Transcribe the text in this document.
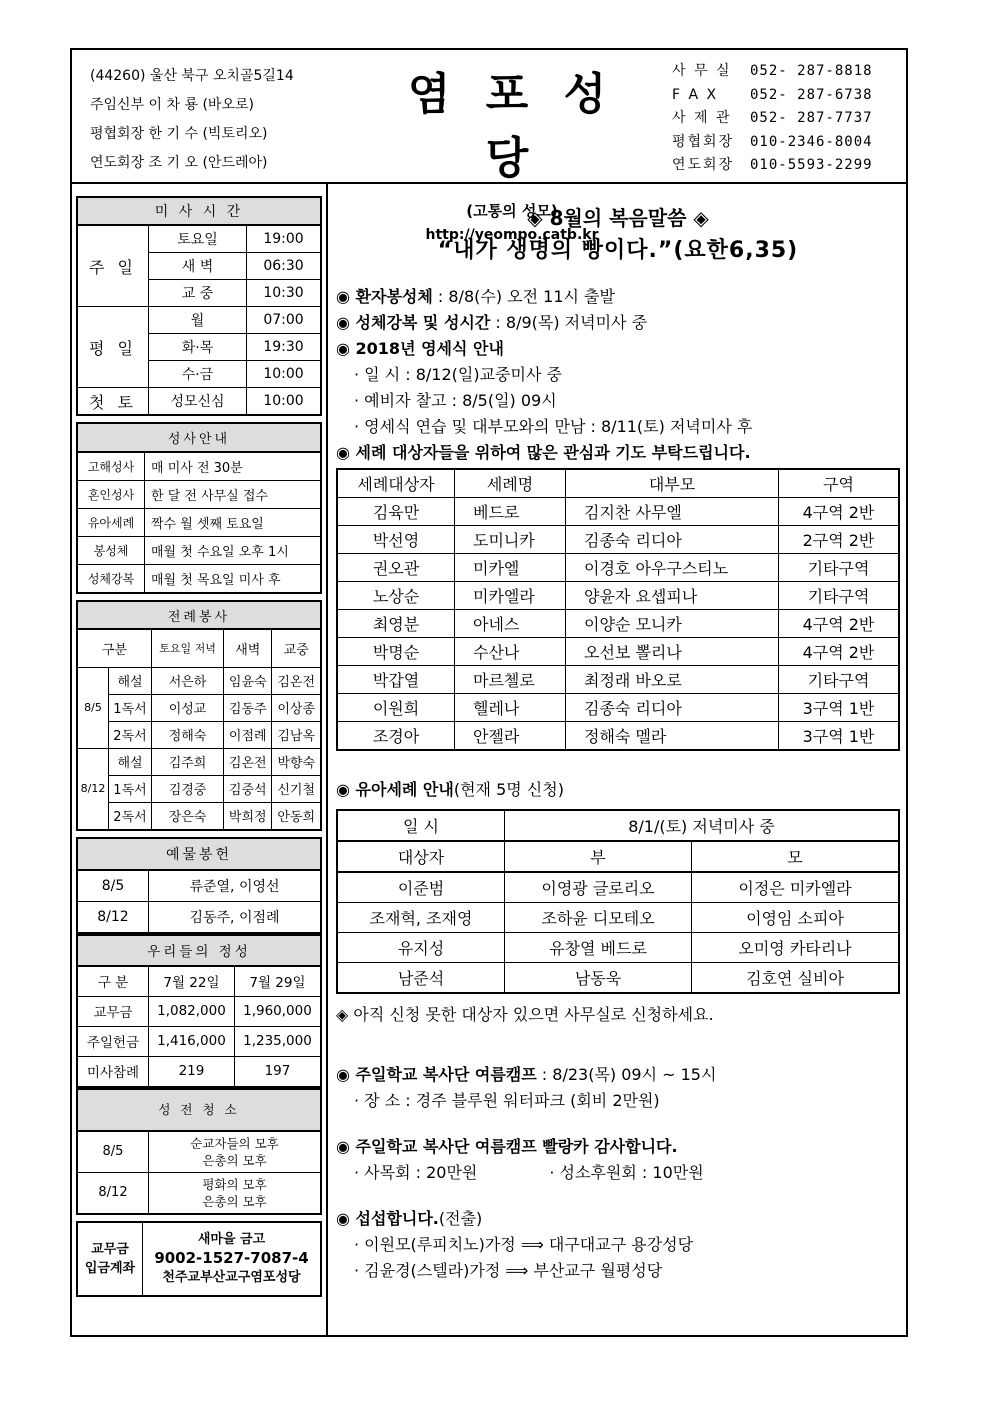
(44260) 울산 북구 오치골5길14
주임신부 이 차 룡 (바오로)
평협회장 한 기 수 (빅토리오)
연도회장 조 기 오 (안드레아)
염 포 성 당
(고통의 성모)
http://yeompo.catb.kr
사 무 실 052- 287-8818
F A X 052- 287-6738
사 제 관 052- 287-7737
평협회장 010-2346-8004
연도회장 010-5593-2299
미 사 시 간		
주 일	토요일	19:00
	새 벽	06:30
	교 중	10:30
평 일	월	07:00
	화·목	19:30
	수·금	10:00
첫 토	성모신심	10:00
성사안내	
고해성사	매 미사 전 30분
혼인성사	한 달 전 사무실 접수
유아세례	짝수 월 셋째 토요일
봉성체	매월 첫 수요일 오후 1시
성체강복	매월 첫 목요일 미사 후
전례봉사				
구분		토요일 저녁	새벽	교중
8/5	해설	서은하	임윤숙	김온전
	1독서	이성교	김동주	이상종
	2독서	정해숙	이점례	김남옥
8/12	해설	김주희	김온전	박향숙
	1독서	김경중	김중석	신기철
	2독서	장은숙	박희정	안동희
예물봉헌	
8/5	류준열, 이영선
8/12	김동주, 이점례
우리들의 정성		
구 분	7월 22일	7월 29일
교무금	1,082,000	1,960,000
주일헌금	1,416,000	1,235,000
미사참례	219	197
성 전 청 소	
8/5	순교자들의 모후
은총의 모후

8/12	평화의 모후
은총의 모후
교무금
입금계좌

새마을 금고
9002-1527-7087-4
천주교부산교구염포성당
◈ 8월의 복음말씀 ◈
“내가 생명의 빵이다.”(요한6,35)
◉ 환자봉성체 : 8/8(수) 오전 11시 출발
◉ 성체강복 및 성시간 : 8/9(목) 저녁미사 중
◉ 2018년 영세식 안내
· 일 시 : 8/12(일)교중미사 중
· 예비자 찰고 : 8/5(일) 09시
· 영세식 연습 및 대부모와의 만남 : 8/11(토) 저녁미사 후
◉ 세례 대상자들을 위하여 많은 관심과 기도 부탁드립니다.
세례대상자	세례명	대부모	구역
김육만	베드로	김지찬 사무엘	4구역 2반
박선영	도미니카	김종숙 리디아	2구역 2반
권오관	미카엘	이경호 아우구스티노	기타구역
노상순	미카엘라	양윤자 요셉피나	기타구역
최영분	아네스	이양순 모니카	4구역 2반
박명순	수산나	오선보 뽈리나	4구역 2반
박갑열	마르첼로	최정래 바오로	기타구역
이원희	헬레나	김종숙 리디아	3구역 1반
조경아	안젤라	정해숙 멜라	3구역 1반
◉ 유아세례 안내(현재 5명 신청)
일 시	8/1/(토) 저녁미사 중	
대상자	부	모
이준범	이영광 글로리오	이정은 미카엘라
조재혁, 조재영	조하윤 디모테오	이영임 소피아
유지성	유창열 베드로	오미영 카타리나
남준석	남동욱	김호연 실비아
◈ 아직 신청 못한 대상자 있으면 사무실로 신청하세요.
◉ 주일학교 복사단 여름캠프 : 8/23(목) 09시 ~ 15시
· 장 소 : 경주 블루원 워터파크 (회비 2만원)
◉ 주일학교 복사단 여름캠프 빨랑카 감사합니다.
· 사목회 : 20만원	· 성소후원회 : 10만원
◉ 섭섭합니다.(전출)
· 이원모(루피치노)가정 ⟹ 대구대교구 용강성당
· 김윤경(스텔라)가정 ⟹ 부산교구 월평성당
